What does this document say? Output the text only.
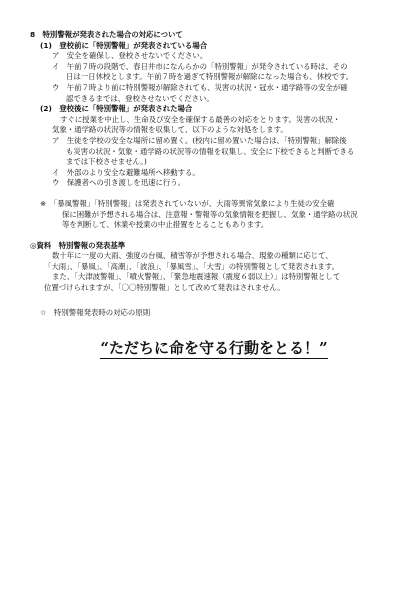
8　特別警報が発表された場合の対応について
(1)　登校前に「特別警報」が発表されている場合
ア　安全を確保し、登校させないでください。
イ　午前７時の段階で、春日井市になんらかの「特別警報」が発令されている時は、その
日は一日休校とします。午前７時を過ぎて特別警報が解除になった場合も、休校です。
ウ　午前７時より前に特別警報が解除されても、災害の状況・冠水・通学路等の安全が確
認できるまでは、登校させないでください。
(2)　登校後に「特別警報」が発表された場合
すぐに授業を中止し、生命及び安全を確保する最善の対応をとります。災害の状況・
気象・通学路の状況等の情報を収集して、以下のような対処をします。
ア　生徒を学校の安全な場所に留め置く。(校内に留め置いた場合は、「特別警報」解除後
も災害の状況・気象・通学路の状況等の情報を収集し、安全に下校できると判断できる
までは下校させません。)
イ　外部のより安全な避難場所へ移動する。
ウ　保護者への引き渡しを迅速に行う。
※　「暴風警報」「特別警報」は発表されていないが、大雨等異常気象により生徒の安全確
保に困難が予想される場合は、注意報・警報等の気象情報を把握し、気象・通学路の状況
等を判断して、休業や授業の中止措置をとることもあります。
◎資料　特別警報の発表基準
数十年に一度の大雨、強度の台風、積雪等が予想される場合、現象の種類に応じて、
「大雨」、「暴風」、「高潮」、「波浪」、「暴風雪」、「大雪」の特別警報として発表されます。
また、「大津波警報」、「噴火警報」、「緊急地震速報（震度６弱以上）」は特別警報として
位置づけられますが、「〇〇特別警報」として改めて発表はされません。
☆　特別警報発表時の対応の原則
“ただちに命を守る行動をとる！”
